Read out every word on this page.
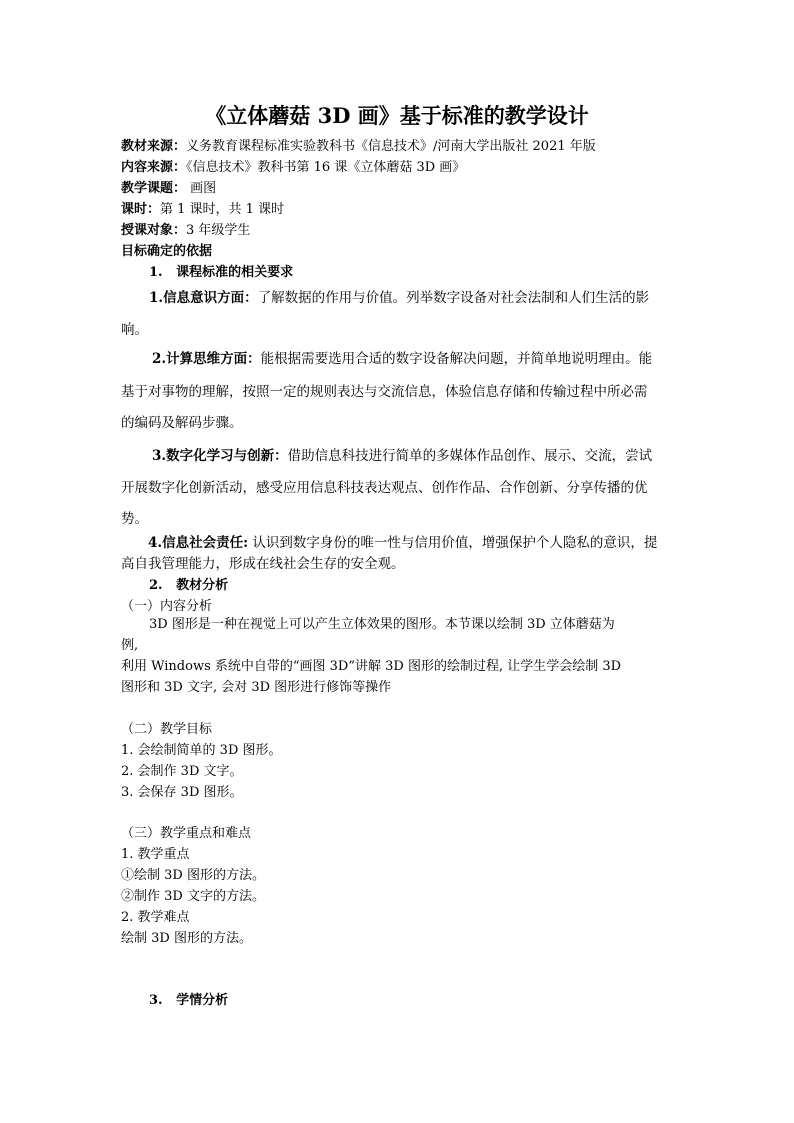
《立体蘑菇 3D 画》基于标准的教学设计
教材来源：义务教育课程标准实验教科书《信息技术》/河南大学出版社 2021 年版
内容来源：《信息技术》教科书第 16 课《立体蘑菇 3D 画》
教学课题： 画图
课时：第 1 课时，共 1 课时
授课对象：3 年级学生
目标确定的依据
1.   课程标准的相关要求
1.信息意识方面：了解数据的作用与价值。列举数字设备对社会法制和人们生活的影
响。
2.计算思维方面：能根据需要选用合适的数字设备解决问题，并简单地说明理由。能
基于对事物的理解，按照一定的规则表达与交流信息，体验信息存储和传输过程中所必需
的编码及解码步骤。
3.数字化学习与创新：借助信息科技进行简单的多媒体作品创作、展示、交流，尝试
开展数字化创新活动，感受应用信息科技表达观点、创作作品、合作创新、分享传播的优
势。
4.信息社会责任: 认识到数字身份的唯一性与信用价值，增强保护个人隐私的意识，提
高自我管理能力，形成在线社会生存的安全观。
2.   教材分析
（一）内容分析
3D 图形是一种在视觉上可以产生立体效果的图形。本节课以绘制 3D 立体蘑菇为
例,
利用 Windows 系统中自带的“画图 3D”讲解 3D 图形的绘制过程, 让学生学会绘制 3D
图形和 3D 文字, 会对 3D 图形进行修饰等操作
（二）教学目标
1. 会绘制简单的 3D 图形。
2. 会制作 3D 文字。
3. 会保存 3D 图形。
（三）教学重点和难点
1. 教学重点
①绘制 3D 图形的方法。
②制作 3D 文字的方法。
2. 教学难点
绘制 3D 图形的方法。
3.   学情分析
